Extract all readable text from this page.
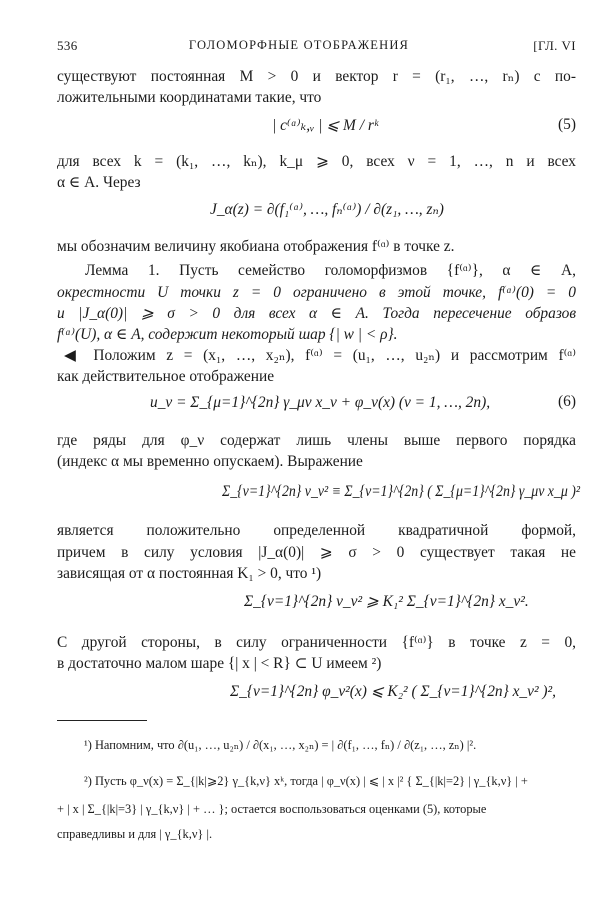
536	ГОЛОМОРФНЫЕ ОТОБРАЖЕНИЯ	[ГЛ. VI
существуют постоянная M > 0 и вектор r = (r₁, …, rₙ) с по-
ложительными координатами такие, что
| c⁽ᵅ⁾ₖ,ᵥ | ⩽ M / rᵏ	(5)
для всех k = (k₁, …, kₙ), k_μ ⩾ 0, всех ν = 1, …, n и всех
α ∈ A. Через
J_α(z) = ∂(f₁⁽ᵅ⁾, …, fₙ⁽ᵅ⁾) / ∂(z₁, …, zₙ)
мы обозначим величину якобиана отображения f⁽ᵅ⁾ в точке z.
Лемма 1. Пусть семейство голоморфизмов {f⁽ᵅ⁾}, α ∈ A,
окрестности U точки z = 0 ограничено в этой точке, f⁽ᵅ⁾(0) = 0
и |J_α(0)| ⩾ σ > 0 для всех α ∈ A. Тогда пересечение образов
f⁽ᵅ⁾(U), α ∈ A, содержит некоторый шар {| w | < ρ}.
◀ Положим z = (x₁, …, x₂ₙ), f⁽ᵅ⁾ = (u₁, …, u₂ₙ) и рассмотрим f⁽ᵅ⁾
как действительное отображение
u_ν = Σ_{μ=1}^{2n} γ_μν x_ν + φ_ν(x) (ν = 1, …, 2n),	(6)
где ряды для φ_ν содержат лишь члены выше первого порядка
(индекс α мы временно опускаем). Выражение
Σ_{ν=1}^{2n} v_ν² ≡ Σ_{ν=1}^{2n} ( Σ_{μ=1}^{2n} γ_μν x_μ )²
является положительно определенной квадратичной формой,
причем в силу условия |J_α(0)| ⩾ σ > 0 существует такая не
зависящая от α постоянная K₁ > 0, что ¹)
Σ_{ν=1}^{2n} v_ν² ⩾ K₁² Σ_{ν=1}^{2n} x_ν².
С другой стороны, в силу ограниченности {f⁽ᵅ⁾} в точке z = 0,
в достаточно малом шаре {| x | < R} ⊂ U имеем ²)
Σ_{ν=1}^{2n} φ_ν²(x) ⩽ K₂² ( Σ_{ν=1}^{2n} x_ν² )²,
¹) Напомним, что ∂(u₁, …, u₂ₙ) / ∂(x₁, …, x₂ₙ) = | ∂(f₁, …, fₙ) / ∂(z₁, …, zₙ) |².
²) Пусть φ_ν(x) = Σ_{|k|⩾2} γ_{k,ν} xᵏ, тогда | φ_ν(x) | ⩽ | x |² { Σ_{|k|=2} | γ_{k,ν} | +
+ | x | Σ_{|k|=3} | γ_{k,ν} | + … }; остается воспользоваться оценками (5), которые
справедливы и для | γ_{k,ν} |.
